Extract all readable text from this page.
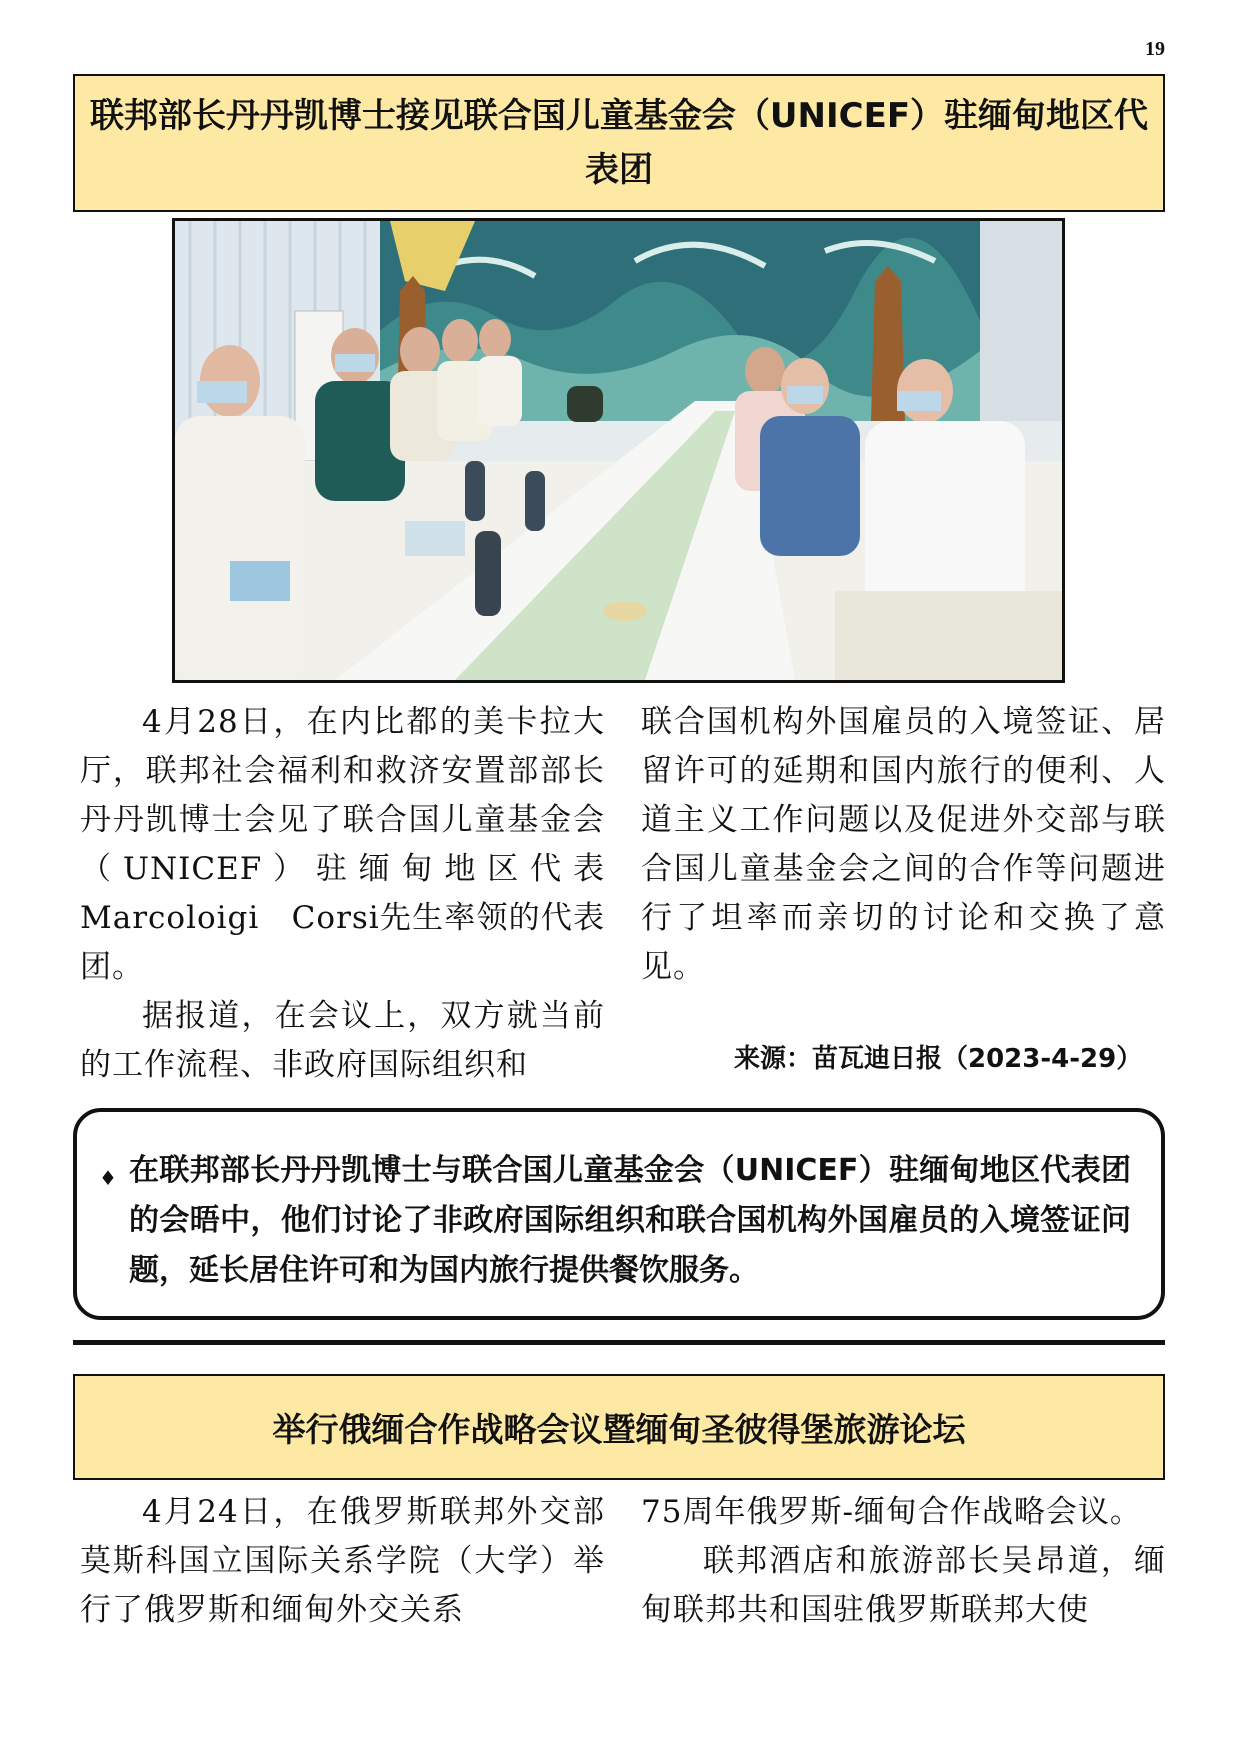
19
联邦部长丹丹凯博士接见联合国儿童基金会（UNICEF）驻缅甸地区代表团

4月28日，在内比都的美卡拉大厅，联邦社会福利和救济安置部部长丹丹凯博士会见了联合国儿童基金会（UNICEF）驻缅甸地区代表Marcoloigi　Corsi先生率领的代表团。

据报道，在会议上，双方就当前的工作流程、非政府国际组织和

联合国机构外国雇员的入境签证、居留许可的延期和国内旅行的便利、人道主义工作问题以及促进外交部与联合国儿童基金会之间的合作等问题进行了坦率而亲切的讨论和交换了意见。

来源：苗瓦迪日报（2023-4-29）
♦ 在联邦部长丹丹凯博士与联合国儿童基金会（UNICEF）驻缅甸地区代表团的会晤中，他们讨论了非政府国际组织和联合国机构外国雇员的入境签证问题，延长居住许可和为国内旅行提供餐饮服务。
举行俄缅合作战略会议暨缅甸圣彼得堡旅游论坛

4月24日，在俄罗斯联邦外交部莫斯科国立国际关系学院（大学）举行了俄罗斯和缅甸外交关系

75周年俄罗斯-缅甸合作战略会议。

联邦酒店和旅游部长吴昂道，缅甸联邦共和国驻俄罗斯联邦大使
